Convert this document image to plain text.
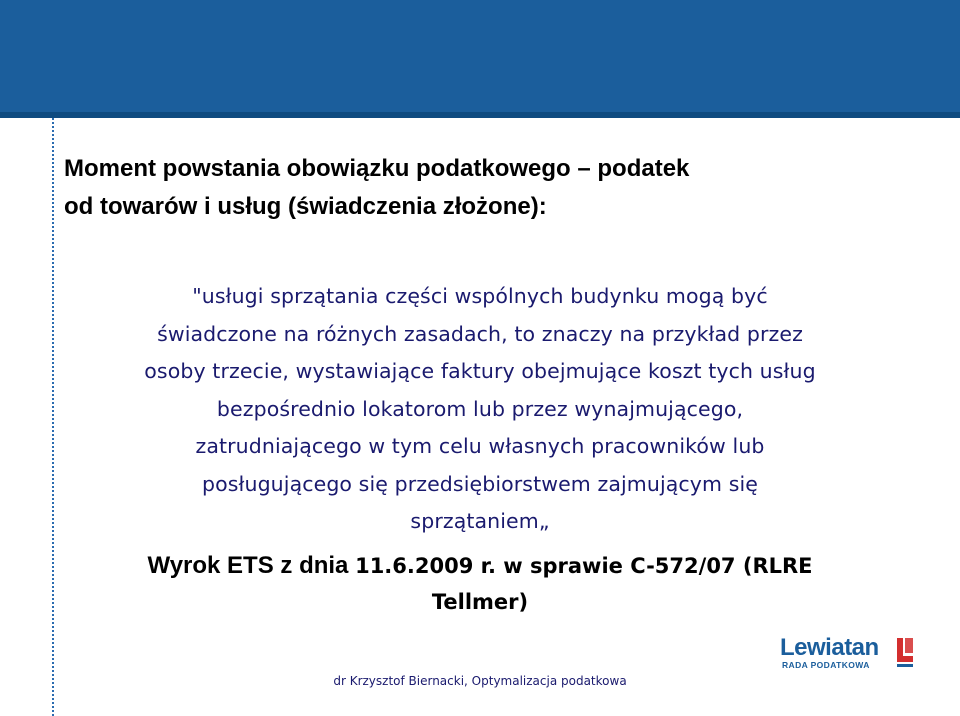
Moment powstania obowiązku podatkowego – podatek
od towarów i usług (świadczenia złożone):
"usługi sprzątania części wspólnych budynku mogą być
świadczone na różnych zasadach, to znaczy na przykład przez
osoby trzecie, wystawiające faktury obejmujące koszt tych usług
bezpośrednio lokatorom lub przez wynajmującego,
zatrudniającego w tym celu własnych pracowników lub
posługującego się przedsiębiorstwem zajmującym się
sprzątaniem„
Wyrok ETS z dnia 11.6.2009 r. w sprawie C-572/07 (RLRE
Tellmer)
Lewiatan
RADA PODATKOWA
dr Krzysztof Biernacki, Optymalizacja podatkowa
